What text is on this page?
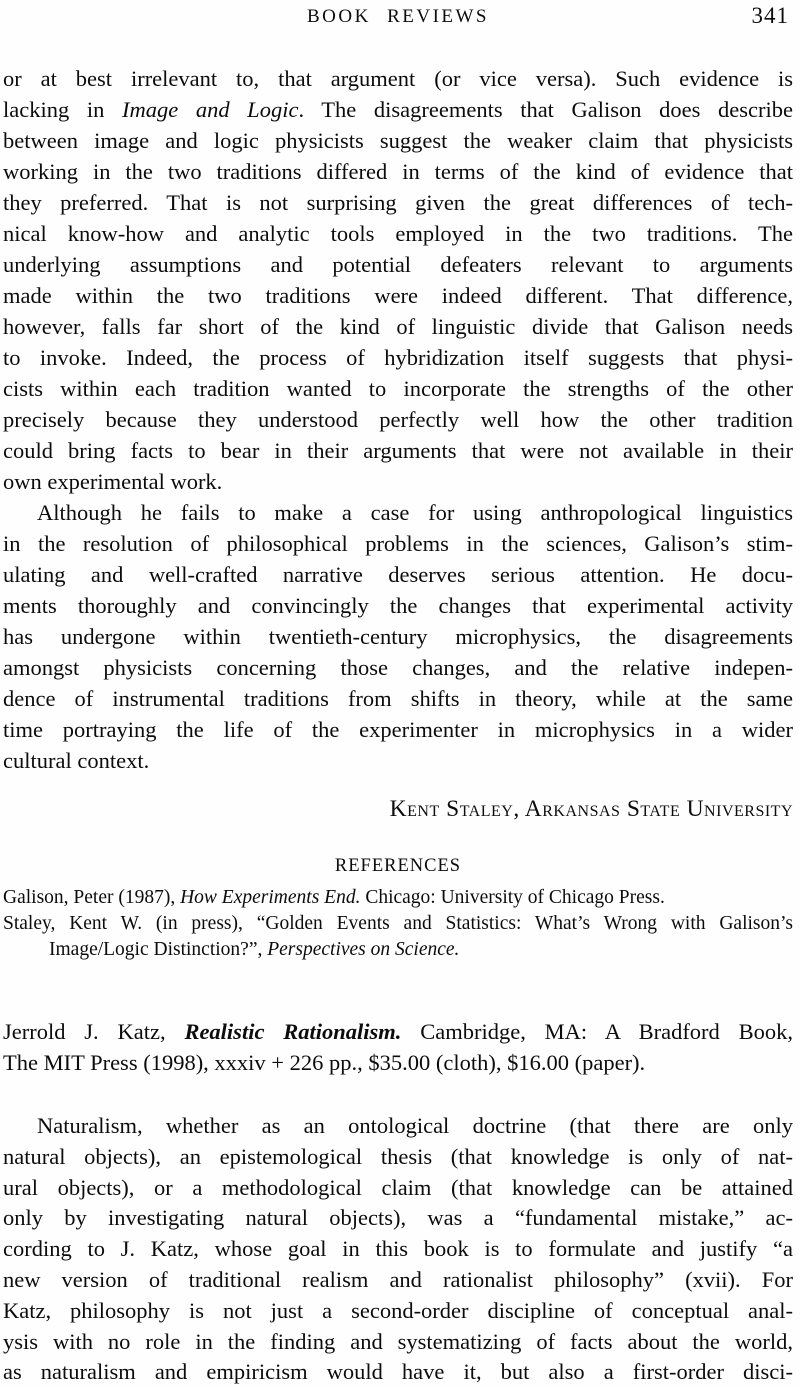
BOOK REVIEWS	341
or at best irrelevant to, that argument (or vice versa). Such evidence is
lacking in Image and Logic. The disagreements that Galison does describe
between image and logic physicists suggest the weaker claim that physicists
working in the two traditions differed in terms of the kind of evidence that
they preferred. That is not surprising given the great differences of tech-
nical know-how and analytic tools employed in the two traditions. The
underlying assumptions and potential defeaters relevant to arguments
made within the two traditions were indeed different. That difference,
however, falls far short of the kind of linguistic divide that Galison needs
to invoke. Indeed, the process of hybridization itself suggests that physi-
cists within each tradition wanted to incorporate the strengths of the other
precisely because they understood perfectly well how the other tradition
could bring facts to bear in their arguments that were not available in their
own experimental work.
Although he fails to make a case for using anthropological linguistics
in the resolution of philosophical problems in the sciences, Galison’s stim-
ulating and well-crafted narrative deserves serious attention. He docu-
ments thoroughly and convincingly the changes that experimental activity
has undergone within twentieth-century microphysics, the disagreements
amongst physicists concerning those changes, and the relative indepen-
dence of instrumental traditions from shifts in theory, while at the same
time portraying the life of the experimenter in microphysics in a wider
cultural context.
Kent Staley, Arkansas State University
REFERENCES
Galison, Peter (1987), How Experiments End. Chicago: University of Chicago Press.
Staley, Kent W. (in press), “Golden Events and Statistics: What’s Wrong with Galison’s
Image/Logic Distinction?”, Perspectives on Science.
Jerrold J. Katz, Realistic Rationalism. Cambridge, MA: A Bradford Book,
The MIT Press (1998), xxxiv + 226 pp., $35.00 (cloth), $16.00 (paper).
Naturalism, whether as an ontological doctrine (that there are only
natural objects), an epistemological thesis (that knowledge is only of nat-
ural objects), or a methodological claim (that knowledge can be attained
only by investigating natural objects), was a “fundamental mistake,” ac-
cording to J. Katz, whose goal in this book is to formulate and justify “a
new version of traditional realism and rationalist philosophy” (xvii). For
Katz, philosophy is not just a second-order discipline of conceptual anal-
ysis with no role in the finding and systematizing of facts about the world,
as naturalism and empiricism would have it, but also a first-order disci-
